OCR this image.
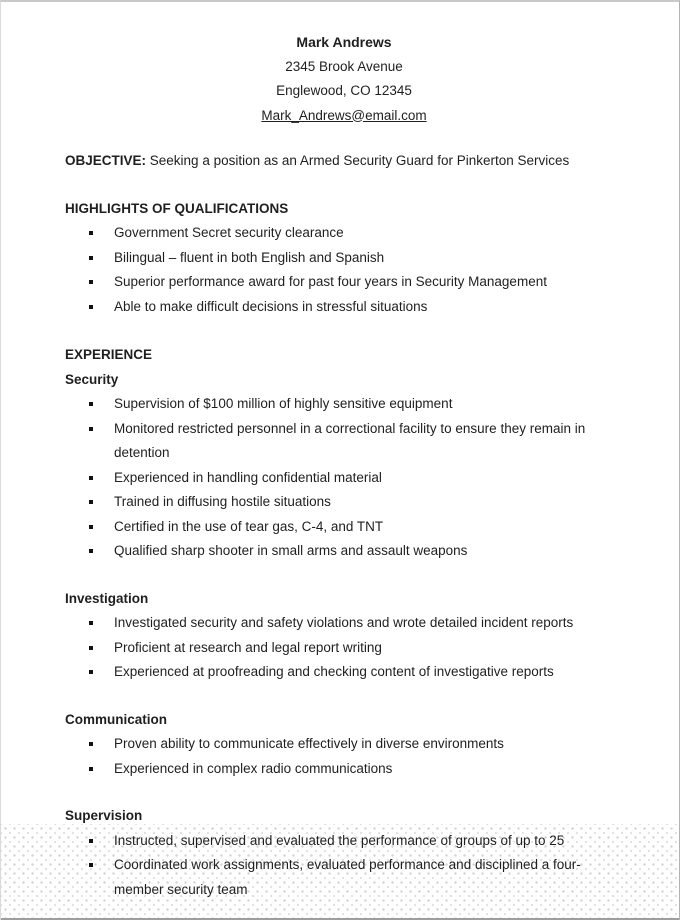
Mark Andrews
2345 Brook Avenue
Englewood, CO 12345
Mark_Andrews@email.com
OBJECTIVE: Seeking a position as an Armed Security Guard for Pinkerton Services
HIGHLIGHTS OF QUALIFICATIONS
Government Secret security clearance
Bilingual – fluent in both English and Spanish
Superior performance award for past four years in Security Management
Able to make difficult decisions in stressful situations
EXPERIENCE
Security
Supervision of $100 million of highly sensitive equipment
Monitored restricted personnel in a correctional facility to ensure they remain in detention
Experienced in handling confidential material
Trained in diffusing hostile situations
Certified in the use of tear gas, C-4, and TNT
Qualified sharp shooter in small arms and assault weapons
Investigation
Investigated security and safety violations and wrote detailed incident reports
Proficient at research and legal report writing
Experienced at proofreading and checking content of investigative reports
Communication
Proven ability to communicate effectively in diverse environments
Experienced in complex radio communications
Supervision
Instructed, supervised and evaluated the performance of groups of up to 25
Coordinated work assignments, evaluated performance and disciplined a four-member security team
